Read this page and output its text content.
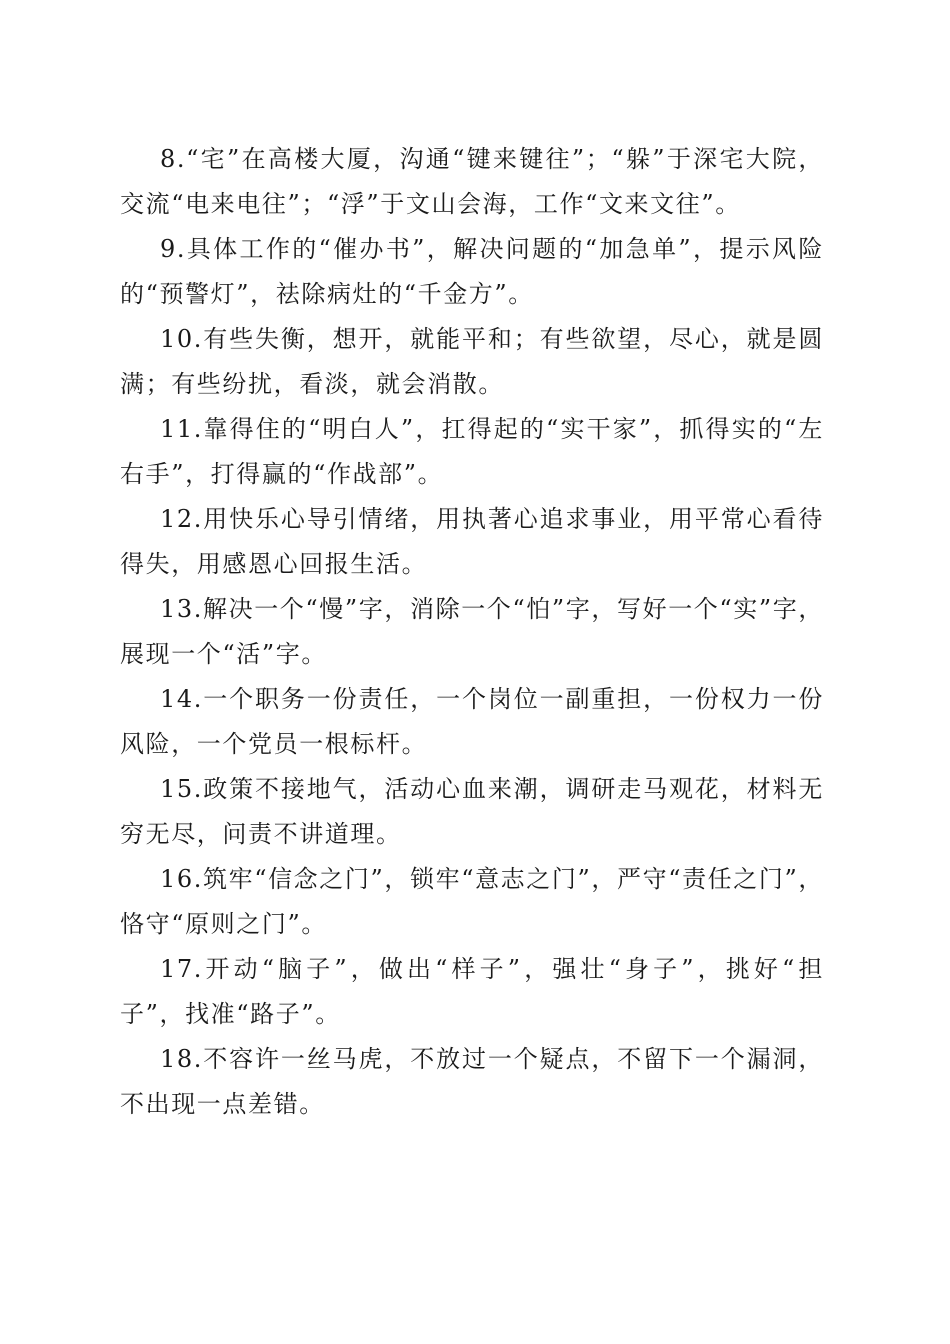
8.“宅”在高楼大厦，沟通“键来键往”；“躲”于深宅大院，交流“电来电往”；“浮”于文山会海，工作“文来文往”。

9.具体工作的“催办书”，解决问题的“加急单”，提示风险的“预警灯”，祛除病灶的“千金方”。

10.有些失衡，想开，就能平和；有些欲望，尽心，就是圆满；有些纷扰，看淡，就会消散。

11.靠得住的“明白人”，扛得起的“实干家”，抓得实的“左右手”，打得赢的“作战部”。

12.用快乐心导引情绪，用执著心追求事业，用平常心看待得失，用感恩心回报生活。

13.解决一个“慢”字，消除一个“怕”字，写好一个“实”字，展现一个“活”字。

14.一个职务一份责任，一个岗位一副重担，一份权力一份风险，一个党员一根标杆。

15.政策不接地气，活动心血来潮，调研走马观花，材料无穷无尽，问责不讲道理。

16.筑牢“信念之门”，锁牢“意志之门”，严守“责任之门”，恪守“原则之门”。

17.开动“脑子”，做出“样子”，强壮“身子”，挑好“担子”，找准“路子”。

18.不容许一丝马虎，不放过一个疑点，不留下一个漏洞，不出现一点差错。
